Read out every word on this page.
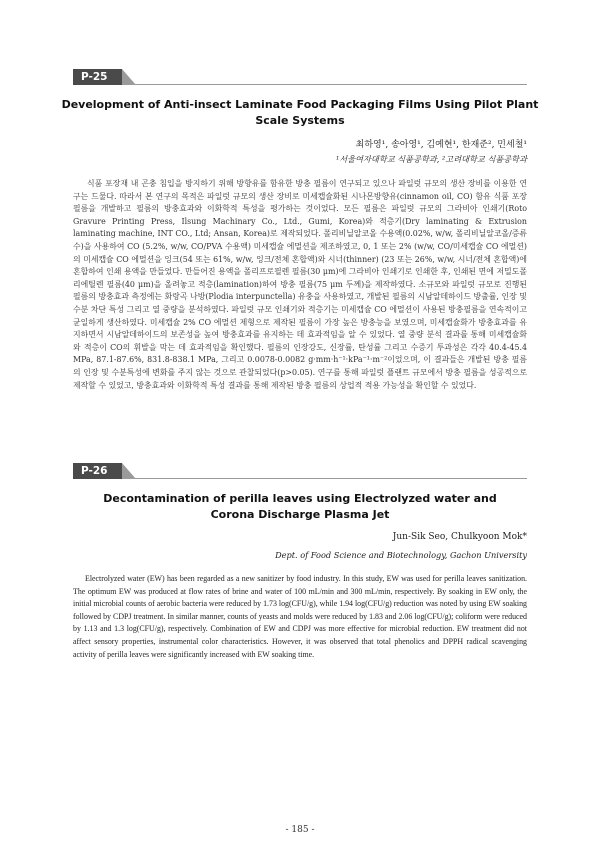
P-25
Development of Anti-insect Laminate Food Packaging Films Using Pilot Plant
Scale Systems
최하영¹, 송아영¹, 김예현¹, 한재준², 민세철¹
¹서울여자대학교 식품공학과, ²고려대학교 식품공학과
식품 포장재 내 곤충 침입을 방지하기 위해 방향유를 함유한 방충 필름이 연구되고 있으나 파일럿 규모의 생산 장비를 이용한 연구는 드물다. 따라서 본 연구의 목적은 파일럿 규모의 생산 장비로 미세캡슐화된 시나몬방향유(cinnamon oil, CO) 함유 식품 포장 필름을 개발하고 필름의 방충효과와 이화학적 특성을 평가하는 것이었다. 모든 필름은 파일럿 규모의 그라비아 인쇄기(Roto Gravure Printing Press, Ilsung Machinary Co., Ltd., Gumi, Korea)와 적층기(Dry laminating & Extrusion laminating machine, INT CO., Ltd; Ansan, Korea)로 제작되었다. 폴리비닐알코올 수용액(0.02%, w/w, 폴리비닐알코올/증류수)을 사용하여 CO (5.2%, w/w, CO/PVA 수용액) 미세캡슐 에멀션을 제조하였고, 0, 1 또는 2% (w/w, CO/미세캡슐 CO 에멀션)의 미세캡슐 CO 에멀션을 잉크(54 또는 61%, w/w, 잉크/전체 혼합액)와 시너(thinner) (23 또는 26%, w/w, 시너/전체 혼합액)에 혼합하여 인쇄 용액을 만들었다. 만들어진 용액을 폴리프로필렌 필름(30 μm)에 그라비아 인쇄기로 인쇄한 후, 인쇄된 면에 저밀도폴리에틸렌 필름(40 μm)을 올려놓고 적층(lamination)하여 방충 필름(75 μm 두께)을 제작하였다. 소규모와 파일럿 규모로 진행된 필름의 방충효과 측정에는 화랑곡 나방(Plodia interpunctella) 유충을 사용하였고, 개발된 필름의 시남알데하이드 방출률, 인장 및 수분 차단 특성 그리고 열 중량을 분석하였다. 파일럿 규모 인쇄기와 적층기는 미세캡슐 CO 에멀션이 사용된 방충필름을 연속적이고 균일하게 생산하였다. 미세캡슐 2% CO 에멀션 제형으로 제작된 필름이 가장 높은 방충능을 보였으며, 미세캡슐화가 방충효과를 유지하면서 시남알데하이드의 보존성을 높여 방충효과를 유지하는 데 효과적임을 알 수 있었다. 열 중량 분석 결과를 통해 미세캡슐화와 적층이 CO의 휘발을 막는 데 효과적임을 확인했다. 필름의 인장강도, 신장률, 탄성률 그리고 수증기 투과성은 각각 40.4-45.4 MPa, 87.1-87.6%, 831.8-838.1 MPa, 그리고 0.0078-0.0082 g·mm·h⁻¹·kPa⁻¹·m⁻²이었으며, 이 결과들은 개발된 방충 필름의 인장 및 수분특성에 변화를 주지 않는 것으로 관찰되었다(p>0.05). 연구를 통해 파일럿 플랜트 규모에서 방충 필름을 성공적으로 제작할 수 있었고, 방충효과와 이화학적 특성 결과를 통해 제작된 방충 필름의 상업적 적용 가능성을 확인할 수 있었다.
P-26
Decontamination of perilla leaves using Electrolyzed water and
Corona Discharge Plasma Jet
Jun-Sik Seo, Chulkyoon Mok*
Dept. of Food Science and Biotechnology, Gachon University
Electrolyzed water (EW) has been regarded as a new sanitizer by food industry. In this study, EW was used for perilla leaves sanitization. The optimum EW was produced at flow rates of brine and water of 100 mL/min and 300 mL/min, respectively. By soaking in EW only, the initial microbial counts of aerobic bacteria were reduced by 1.73 log(CFU/g), while 1.94 log(CFU/g) reduction was noted by using EW soaking followed by CDPJ treatment. In similar manner, counts of yeasts and molds were reduced by 1.83 and 2.06 log(CFU/g); coliform were reduced by 1.13 and 1.3 log(CFU/g), respectively. Combination of EW and CDPJ was more effective for microbial reduction. EW treatment did not affect sensory properties, instrumental color characteristics. However, it was observed that total phenolics and DPPH radical scavenging activity of perilla leaves were significantly increased with EW soaking time.
- 185 -
